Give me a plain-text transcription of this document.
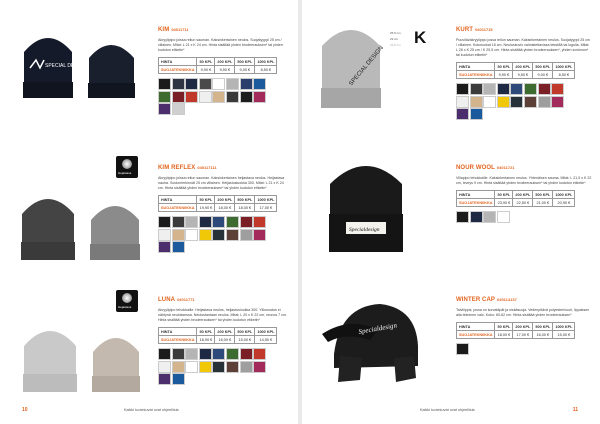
SPECIAL DESIGN
KIM 04011711
Akryylipipo joissa reilun sauman. Kaksinkertainen neulos. Suojatyyppi 25 cm / villainen. Mitat: L 21 x K 24 cm. Hinta sisältää yhden brodeerauksen* tai yhden kudotun etiketin*
HINTA	50 KPL	200 KPL	500 KPL	1000 KPL
SUOJATEKNIIKKA	9,90 €	9,50 €	9,00 €	8,50 €
Hejastava
KIM REFLEX 040117111
Akryylipipo joissa reilun sauman. Kaksinkertainen heijastava neulos. Heijastava nauha. Soolomerkinnät 25 cm villainen. Heijastusluokka 300. Mitat: L 21 x K 24 cm. Hinta sisältää yhden brodeerauksen* tai yhden kudotun etiketin*
HINTA	50 KPL	200 KPL	500 KPL	1000 KPL
SUOJATEKNIIKKA	19,90 €	18,00 €	18,00 €	17,00 €
Hejastava
LUNA 04011771
Akryylipipo tehokkaille. Heijastava neulos, heijastusluokka 300. Ylikorostus ei nähtynä neuloksessa. Neulostantaan neulos. Mitat: L 20 x K 22 cm, reunos 7 cm. Hinta sisältää yhden brodeerauksen* tai yhden kudotun etiketin*
HINTA	50 KPL	200 KPL	500 KPL	1000 KPL
SUOJATEKNIIKKA	16,90 €	16,00 €	15,00 €	14,50 €
10	Kaikki tuotekuvat ovat ohjeellisia
SPECIAL DESIGN
25,5 cm
23 cm
21,5 cm K	KURT 04011715
Puuvilla/akryylipipo jossa reilun sauman. Kaksinkertainen neulos. Suojatyyppi 25 cm / villainen. Kokoluokat 16 cm. Neuloskuvio valmistettavissa tekstillä tai logolla. Mitat: L 26 x K 25 cm / K 25,5 cm. Hinta sisältää yhden brodeerauksen*, yhden sovinnon* tai kudotun etiketin*
HINTA	50 KPL	200 KPL	500 KPL	1000 KPL
SUOJATEKNIIKKA	9,90 €	9,50 €	9,00 €	8,50 €
Specialdesign
NOUR WOOL 04011721
Villapipo tehokkaille. Kaksinkertainen neulos. Yhtenäinen sauma. Mitat: L 21,5 x K 22 cm, leveys 9 cm. Hinta sisältää yhden brodeerauksen* tai yhden kudotun etiketin*
HINTA	50 KPL	200 KPL	500 KPL	1000 KPL
SUOJATEKNIIKKA	23,90 €	22,50 €	21,00 €	20,90 €
Specialdesign
WINTER CAP 040114137
Talvilippis, jossa on korvaläpät ja niskäsuoja. Vedenpitävä polyesterivuori, lippaksen alla tekninen valo. Koko: 60-62 cm. Hinta sisältää yhden brodeerauksen*
HINTA	50 KPL	200 KPL	500 KPL	1000 KPL
SUOJATEKNIIKKA	18,00 €	17,00 €	16,00 €	15,00 €
Kaikki tuotekuvat ovat ohjeellisia	11
